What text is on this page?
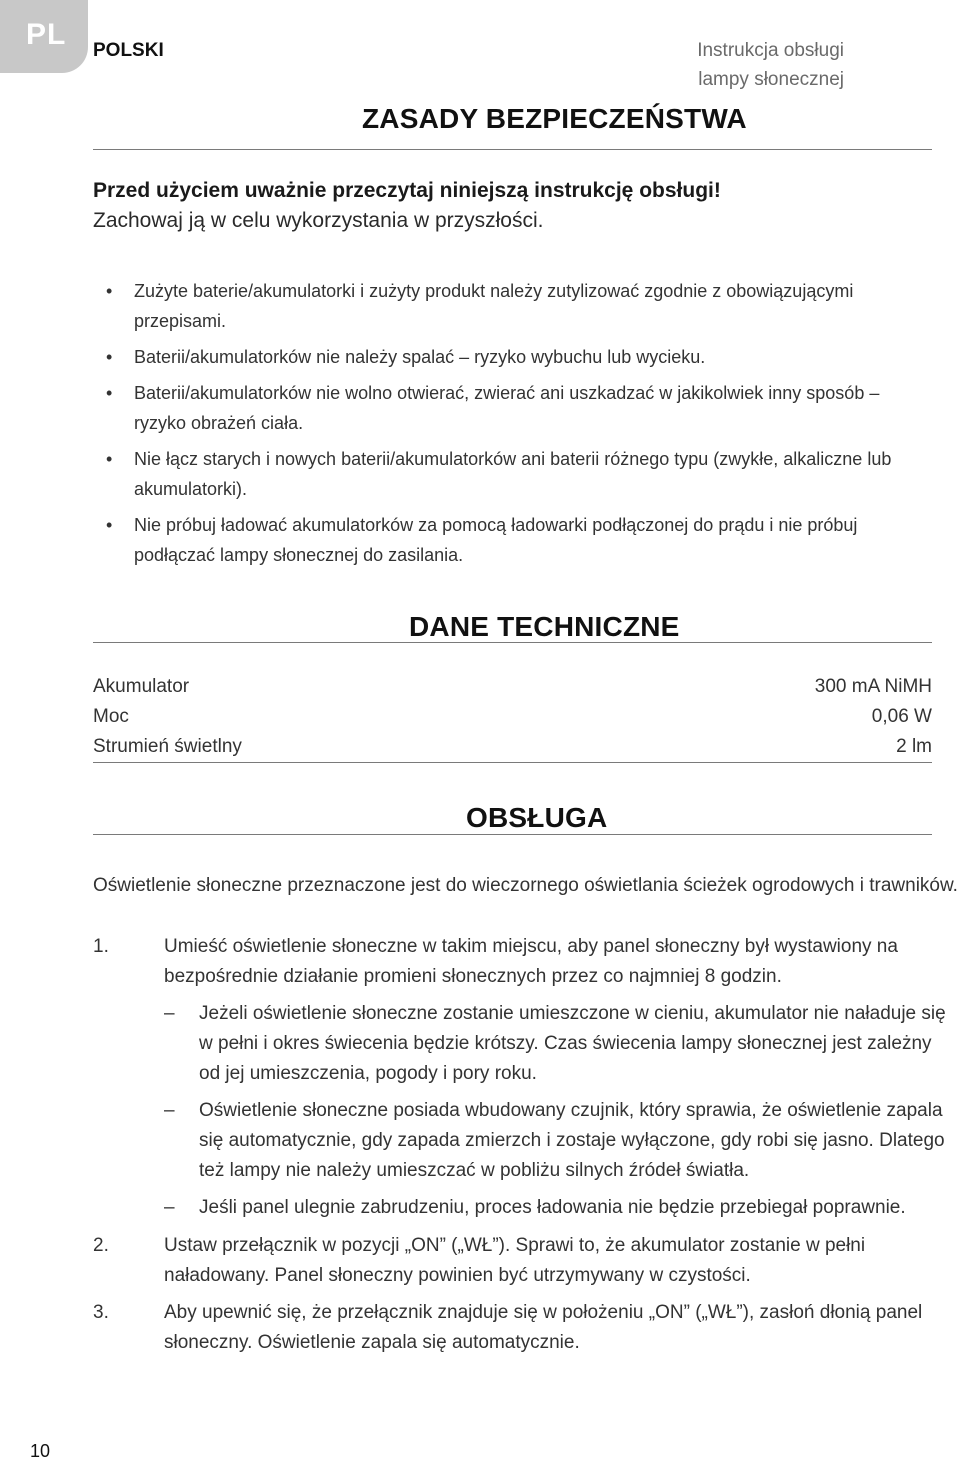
PL POLSKI	Instrukcja obsługi
lampy słonecznej
ZASADY BEZPIECZEŃSTWA
Przed użyciem uważnie przeczytaj niniejszą instrukcję obsługi!
Zachowaj ją w celu wykorzystania w przyszłości.
• Zużyte baterie/akumulatorki i zużyty produkt należy zutylizować zgodnie z obowiązującymi przepisami.
• Baterii/akumulatorków nie należy spalać – ryzyko wybuchu lub wycieku.
• Baterii/akumulatorków nie wolno otwierać, zwierać ani uszkadzać w jakikolwiek inny sposób – ryzyko obrażeń ciała.
• Nie łącz starych i nowych baterii/akumulatorków ani baterii różnego typu (zwykłe, alkaliczne lub akumulatorki).
• Nie próbuj ładować akumulatorków za pomocą ładowarki podłączonej do prądu i nie próbuj podłączać lampy słonecznej do zasilania.
DANE TECHNICZNE
Akumulator	300 mA NiMH
Moc	0,06 W
Strumień świetlny	2 lm
OBSŁUGA
Oświetlenie słoneczne przeznaczone jest do wieczornego oświetlania ścieżek ogrodowych i trawników.
1.	Umieść oświetlenie słoneczne w takim miejscu, aby panel słoneczny był wystawiony na bezpośrednie działanie promieni słonecznych przez co najmniej 8 godzin.
– Jeżeli oświetlenie słoneczne zostanie umieszczone w cieniu, akumulator nie naładuje się w pełni i okres świecenia będzie krótszy. Czas świecenia lampy słonecznej jest zależny od jej umieszczenia, pogody i pory roku.
– Oświetlenie słoneczne posiada wbudowany czujnik, który sprawia, że oświetlenie zapala się automatycznie, gdy zapada zmierzch i zostaje wyłączone, gdy robi się jasno. Dlatego też lampy nie należy umieszczać w pobliżu silnych źródeł światła.
– Jeśli panel ulegnie zabrudzeniu, proces ładowania nie będzie przebiegał poprawnie.
2.	Ustaw przełącznik w pozycji „ON” („WŁ”). Sprawi to, że akumulator zostanie w pełni naładowany. Panel słoneczny powinien być utrzymywany w czystości.
3.	Aby upewnić się, że przełącznik znajduje się w położeniu „ON” („WŁ”), zasłoń dłonią panel słoneczny. Oświetlenie zapala się automatycznie.
10
